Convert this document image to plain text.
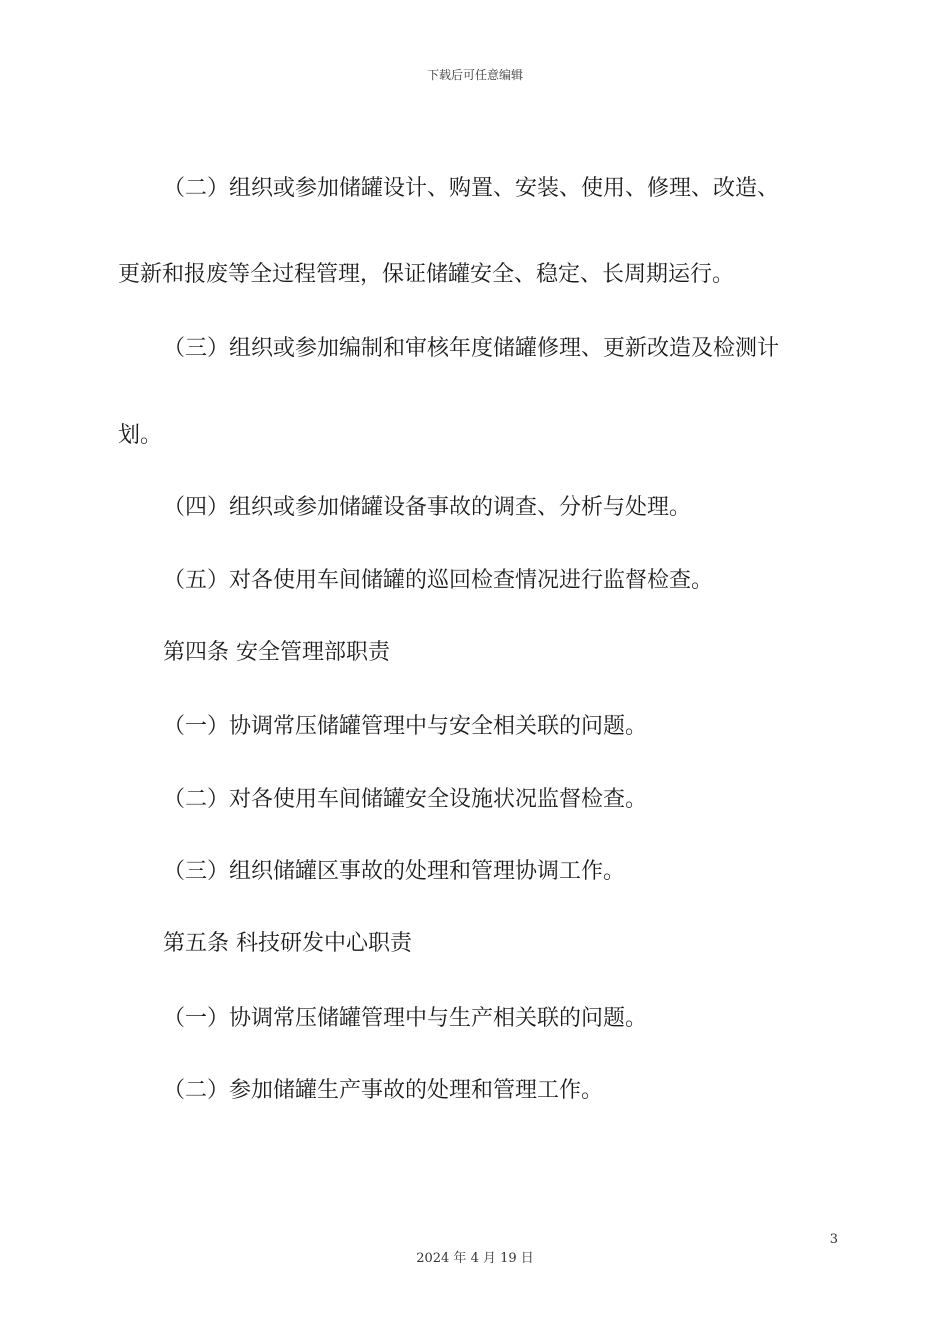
下载后可任意编辑
（二）组织或参加储罐设计、购置、安装、使用、修理、改造、
更新和报废等全过程管理，保证储罐安全、稳定、长周期运行。
（三）组织或参加编制和审核年度储罐修理、更新改造及检测计
划。
（四）组织或参加储罐设备事故的调查、分析与处理。
（五）对各使用车间储罐的巡回检查情况进行监督检查。
第四条 安全管理部职责
（一）协调常压储罐管理中与安全相关联的问题。
（二）对各使用车间储罐安全设施状况监督检查。
（三）组织储罐区事故的处理和管理协调工作。
第五条 科技研发中心职责
（一）协调常压储罐管理中与生产相关联的问题。
（二）参加储罐生产事故的处理和管理工作。
3
2024 年 4 月 19 日
